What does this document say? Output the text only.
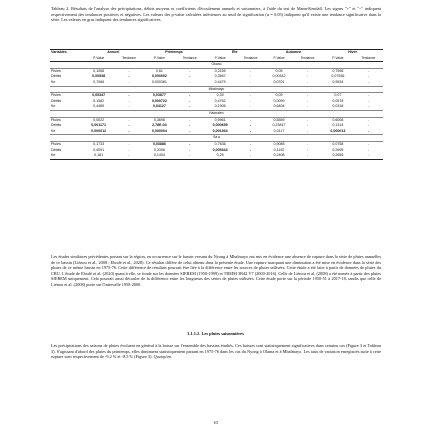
Tableau 2. Résultats de l'analyse des précipitations, débits moyens et coefficients d'écoulement annuels et saisonniers, à l'aide du test de Mann-Kendall. Les signes "+" et "−" indiquent respectivement des tendances positives et négatives. Les valeurs des p-value calculées inférieures au seuil de signification (α = 0,05) indiquent qu'il existe une tendance significative dans la série. Les valeurs en gras indiquent des tendances significatives.
Variables	Annuel		Printemps		Été		Automne		Hiver	
	P-Value	Tendance	P-Value	Tendance	P-Value	Tendance	P-Value	Tendance	P-Value	Tendance
Okano										
Pluies	0,1068	-	0,61	-	0,2155	-	0,05	-	0,7598	-
Débits	0,00538	-	0,000002	-	0,3567	-	0,00342	-	0,07536	-
Ke	0,7066	-	0,000381	-	0,4479	-	0,0701	-	0,9534	-
Mbalmayo										
Pluies	0,00347	-	0,03877	-	0,39	-	0,09	-	0,07	-
Débits	0,1582	-	0,000722	-	0,4762	-	0,0099	-	0,0578	-
Ke	0,4465	-	0,04127	-	0,1906	-	0,6404	-	0,0318	-
Nsimalen										
Pluies	0,0022	-	0,3698	-	0,9961	-	0,5559	-	0,6008	-
Débits	0,001171	-	2,78E-04	-	0,000695	-	0,23817	-	0,1314	-
Ke	0,000012	-	0,000004	-	0,001934	-	0,0117	-	0,000013	-
Sa'a										
Pluies	0,1733	-	0,03886	-	0,7636	-	0,9085	-	0,0758	-
Débits	0,4091	-	0,3306	-	0,005344	-	0,1192	-	0,2695	-
Ke	0,181	-	0,1404	-	0,25	-	0,2408	-	0,2655	-
Les études similaires précédentes portant sur la région, en occurrence sur le bassin versant du Nyong à Mbalmayo ont mis en évidence une absence de rupture dans la série de pluies annuelles de ce bassin (Liénou et al., 2008 ; Ebodé et al., 2020). Ce résultat diffère de celui obtenu dans la présente étude. Une rupture marquant une diminution a été mise en évidence dans la série des pluies de ce même bassin en 1975-76. Cette différence de résultats pourrait être liée à la différence entre les sources de pluies utilisées. Cette étude a été faite à partir de données de pluies du CRU. L'étude de Ebodé et al. (2020) quant à elle, se fonde sur les données SIEREM (1950-1999) et TRMM 3B42 V7 (2000-2016). Celle de Liénou et al. (2008) a été menée à partir des pluies SIEREM uniquement. Cela pourrait aussi découler de la différence entre les longueurs des séries de pluies utilisées. Cette étude porte sur la période 1950-51 à 2017-18, tandis que celle de Liénou et al. (2008) porte sur l'intervalle 1950-2000.
3.1.1.2. Les pluies saisonnières
Les précipitations des saisons de pluies évoluent en général à la baisse sur l'ensemble des bassins étudiés. Ces baisses sont statistiquement significatives dans certains cas (Figure 3 et Tableau 3). S'agissant d'abord des pluies du printemps, elles diminuent statistiquement partant en 1975-76 dans les cas du Nyong à Olama et à Mbalmayo. Les taux de variation enregistrés suite à cette rupture sont respectivement de -9,2 % et -8,5 % (Figure 3). Quoiqu'en
10
